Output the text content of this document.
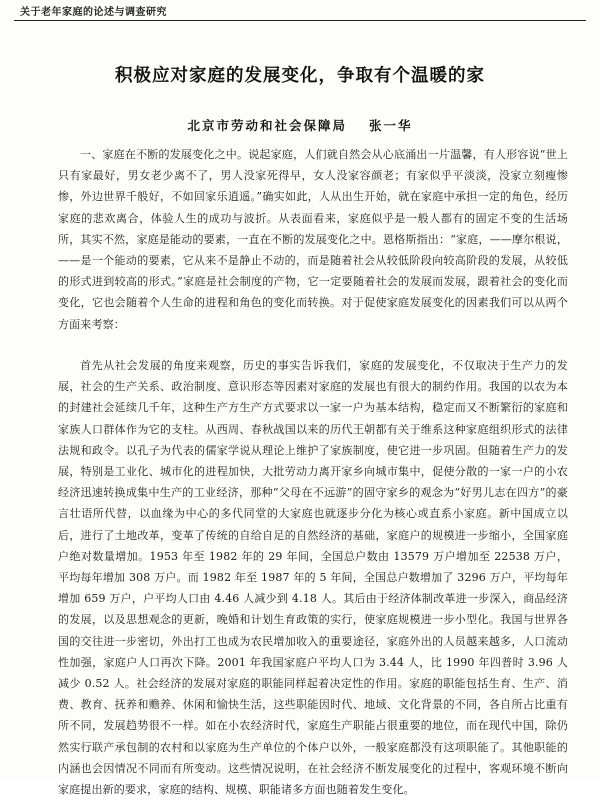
关于老年家庭的论述与调查研究
积极应对家庭的发展变化，争取有个温暖的家
北京市劳动和社会保障局 张一华

一、家庭在不断的发展变化之中。说起家庭，人们就自然会从心底涌出一片温馨，有人形容说“世上只有家最好，男女老少离不了，男人没家死得早，女人没家容颜老；有家似乎平淡淡，没家立刻瘦惨惨，外边世界千般好，不如回家乐逍遥。”确实如此，人从出生开始，就在家庭中承担一定的角色，经历家庭的悲欢离合，体验人生的成功与波折。从表面看来，家庭似乎是一般人都有的固定不变的生活场所，其实不然，家庭是能动的要素，一直在不断的发展变化之中。恩格斯指出：“家庭，——摩尔根说，——是一个能动的要素，它从来不是静止不动的，而是随着社会从较低阶段向较高阶段的发展，从较低的形式进到较高的形式。”家庭是社会制度的产物，它一定要随着社会的发展而发展，跟着社会的变化而变化，它也会随着个人生命的进程和角色的变化而转换。对于促使家庭发展变化的因素我们可以从两个方面来考察：

首先从社会发展的角度来观察，历史的事实告诉我们，家庭的发展变化，不仅取决于生产力的发展，社会的生产关系、政治制度、意识形态等因素对家庭的发展也有很大的制约作用。我国的以农为本的封建社会延续几千年，这种生产方生产方式要求以一家一户为基本结构，稳定而又不断繁衍的家庭和家族人口群体作为它的支柱。从西周、春秋战国以来的历代王朝都有关于维系这种家庭组织形式的法律法规和政令。以孔子为代表的儒家学说从理论上维护了家族制度，使它进一步巩固。但随着生产力的发展，特别是工业化、城市化的进程加快，大批劳动力离开家乡向城市集中，促使分散的一家一户的小农经济迅速转换成集中生产的工业经济，那种“父母在不远游”的固守家乡的观念为“好男儿志在四方”的豪言壮语所代替，以血缘为中心的多代同堂的大家庭也就逐步分化为核心或直系小家庭。新中国成立以后，进行了土地改革，变革了传统的自给自足的自然经济的基础，家庭户的规模进一步缩小，全国家庭户绝对数量增加。1953 年至 1982 年的 29 年间，全国总户数由 13579 万户增加至 22538 万户，平均每年增加 308 万户。而 1982 年至 1987 年的 5 年间，全国总户数增加了 3296 万户，平均每年增加 659 万户，户平均人口由 4.46 人减少到 4.18 人。其后由于经济体制改革进一步深入，商品经济的发展，以及思想观念的更新，晚婚和计划生育政策的实行，使家庭规模进一步小型化。我国与世界各国的交往进一步密切，外出打工也成为农民增加收入的重要途径，家庭外出的人员越来越多，人口流动性加强，家庭户人口再次下降。2001 年我国家庭户平均人口为 3.44 人，比 1990 年四普时 3.96 人减少 0.52 人。社会经济的发展对家庭的职能同样起着决定性的作用。家庭的职能包括生育、生产、消费、教育、抚养和赡养、休闲和愉快生活，这些职能因时代、地域、文化背景的不同，各自所占比重有所不同，发展趋势很不一样。如在小农经济时代，家庭生产职能占很重要的地位，而在现代中国，除仍然实行联产承包制的农村和以家庭为生产单位的个体户以外，一般家庭都没有这项职能了。其他职能的内涵也会因情况不同而有所变动。这些情况说明，在社会经济不断发展变化的过程中，客观环境不断向家庭提出新的要求，家庭的结构、规模、职能诸多方面也随着发生变化。
